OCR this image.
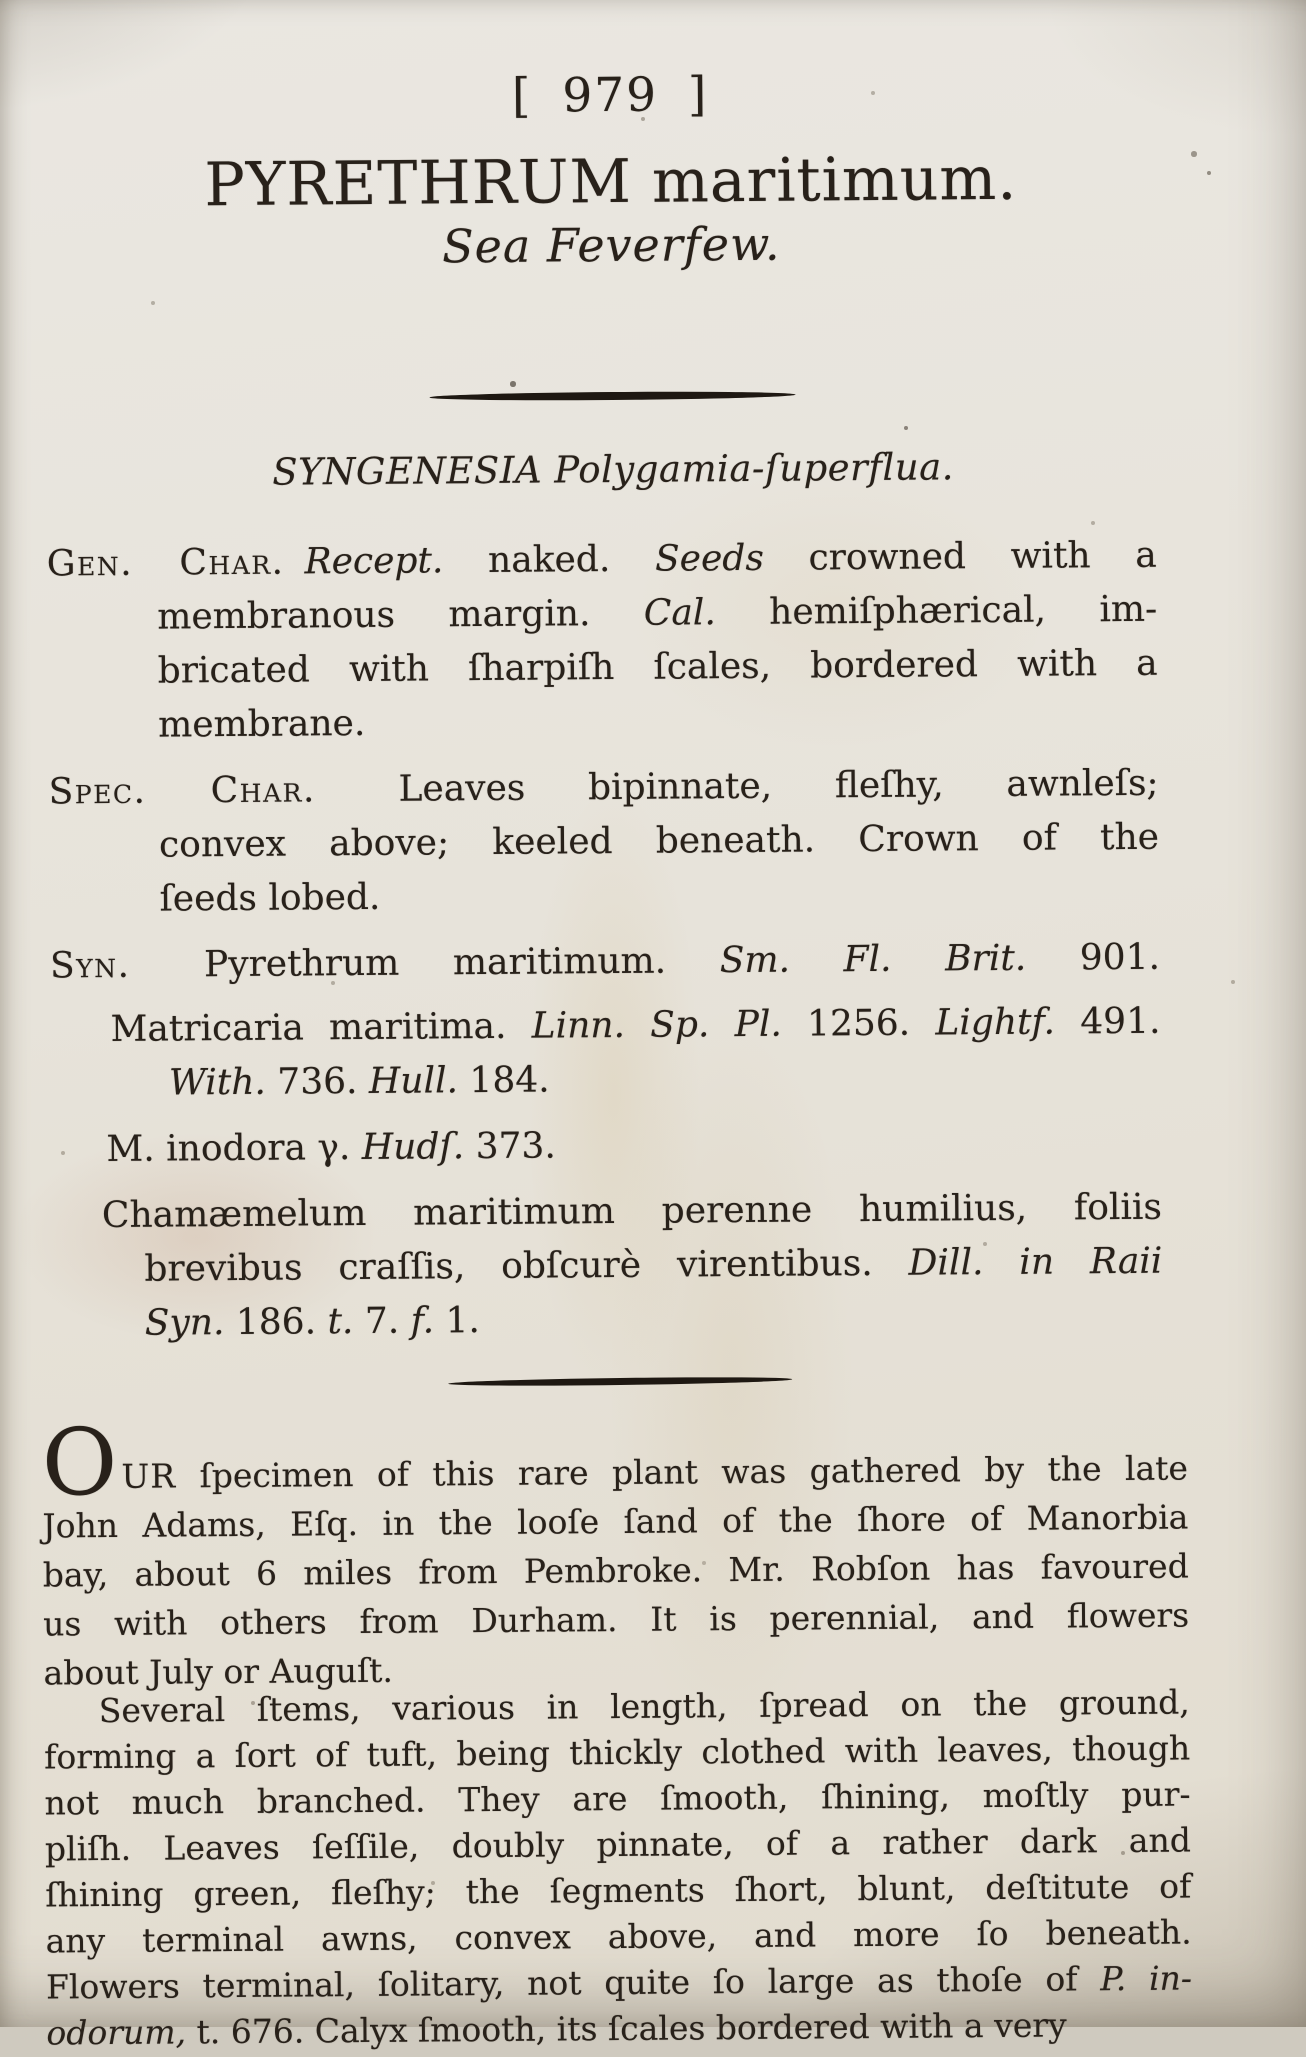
[ 979 ]
PYRETHRUM maritimum.
Sea Feverfew.
SYNGENESIA Polygamia-ſuperflua.
Gen. Char. Recept. naked. Seeds crowned with a
membranous margin. Cal. hemiſphærical, im-
bricated with ſharpiſh ſcales, bordered with a
membrane.
Spec. Char. Leaves bipinnate, fleſhy, awnleſs;
convex above; keeled beneath. Crown of the
ſeeds lobed.
Syn. Pyrethrum maritimum. Sm. Fl. Brit. 901.
Matricaria maritima. Linn. Sp. Pl. 1256. Lightf. 491.
With. 736. Hull. 184.
M. inodora γ. Hudſ. 373.
Chamæmelum maritimum perenne humilius, foliis
brevibus craſſis, obſcurè virentibus. Dill. in Raii
Syn. 186. t. 7. f. 1.
OUR ſpecimen of this rare plant was gathered by the late
John Adams, Eſq. in the looſe ſand of the ſhore of Manorbia
bay, about 6 miles from Pembroke. Mr. Robſon has favoured
us with others from Durham. It is perennial, and flowers
about July or Auguſt.
Several ſtems, various in length, ſpread on the ground,
forming a ſort of tuft, being thickly clothed with leaves, though
not much branched. They are ſmooth, ſhining, moſtly pur-
pliſh. Leaves ſeſſile, doubly pinnate, of a rather dark and
ſhining green, fleſhy; the ſegments ſhort, blunt, deſtitute of
any terminal awns, convex above, and more ſo beneath.
Flowers terminal, ſolitary, not quite ſo large as thoſe of P. in-
odorum, t. 676. Calyx ſmooth, its ſcales bordered with a very
